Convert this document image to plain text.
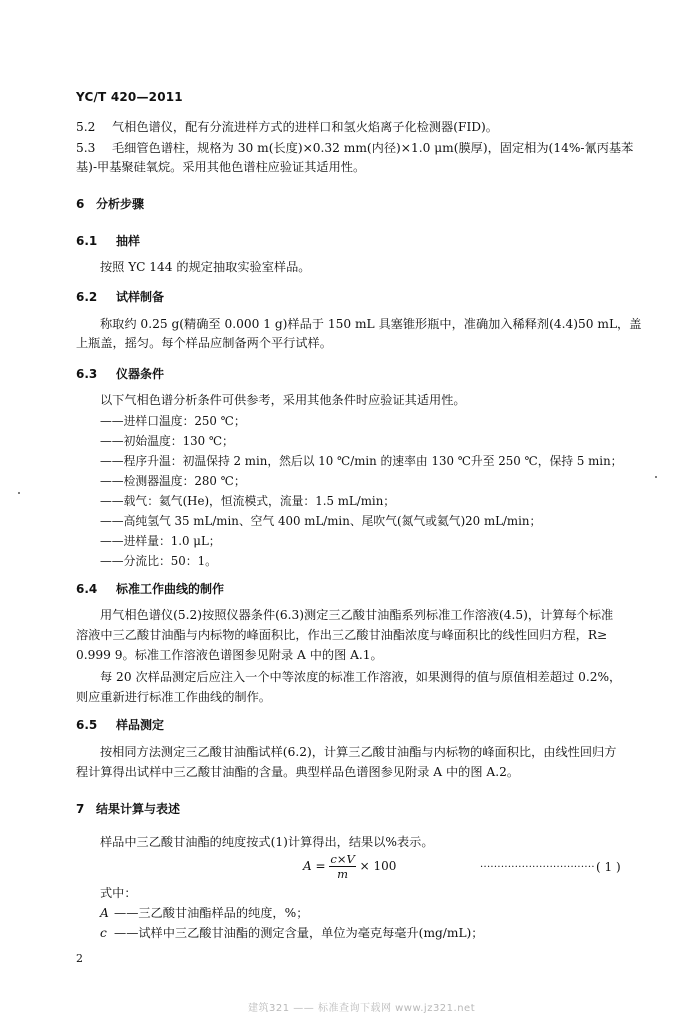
YC/T 420—2011
5.2 气相色谱仪，配有分流进样方式的进样口和氢火焰离子化检测器(FID)。
5.3 毛细管色谱柱，规格为 30 m(长度)×0.32 mm(内径)×1.0 μm(膜厚)，固定相为(14%-氰丙基苯
基)-甲基聚硅氧烷。采用其他色谱柱应验证其适用性。
6 分析步骤
6.1 抽样
按照 YC 144 的规定抽取实验室样品。
6.2 试样制备
称取约 0.25 g(精确至 0.000 1 g)样品于 150 mL 具塞锥形瓶中，准确加入稀释剂(4.4)50 mL，盖
上瓶盖，摇匀。每个样品应制备两个平行试样。
6.3 仪器条件
以下气相色谱分析条件可供参考，采用其他条件时应验证其适用性。
——进样口温度：250 ℃；
——初始温度：130 ℃；
——程序升温：初温保持 2 min，然后以 10 ℃/min 的速率由 130 ℃升至 250 ℃，保持 5 min；
——检测器温度：280 ℃；
——载气：氦气(He)，恒流模式，流量：1.5 mL/min；
——高纯氢气 35 mL/min、空气 400 mL/min、尾吹气(氮气或氦气)20 mL/min；
——进样量：1.0 μL；
——分流比：50：1。
6.4 标准工作曲线的制作
用气相色谱仪(5.2)按照仪器条件(6.3)测定三乙酸甘油酯系列标准工作溶液(4.5)，计算每个标准
溶液中三乙酸甘油酯与内标物的峰面积比，作出三乙酸甘油酯浓度与峰面积比的线性回归方程，R≥
0.999 9。标准工作溶液色谱图参见附录 A 中的图 A.1。
每 20 次样品测定后应注入一个中等浓度的标准工作溶液，如果测得的值与原值相差超过 0.2%，
则应重新进行标准工作曲线的制作。
6.5 样品测定
按相同方法测定三乙酸甘油酯试样(6.2)，计算三乙酸甘油酯与内标物的峰面积比，由线性回归方
程计算得出试样中三乙酸甘油酯的含量。典型样品色谱图参见附录 A 中的图 A.2。
7 结果计算与表述
样品中三乙酸甘油酯的纯度按式(1)计算得出，结果以%表示。
$A = \frac{c\times V}{m} \times 100$	································· ( 1 )
式中：
A ——三乙酸甘油酯样品的纯度，%；
c ——试样中三乙酸甘油酯的测定含量，单位为毫克每毫升(mg/mL)；
2
建筑321 —— 标准查询下载网 www.jz321.net
